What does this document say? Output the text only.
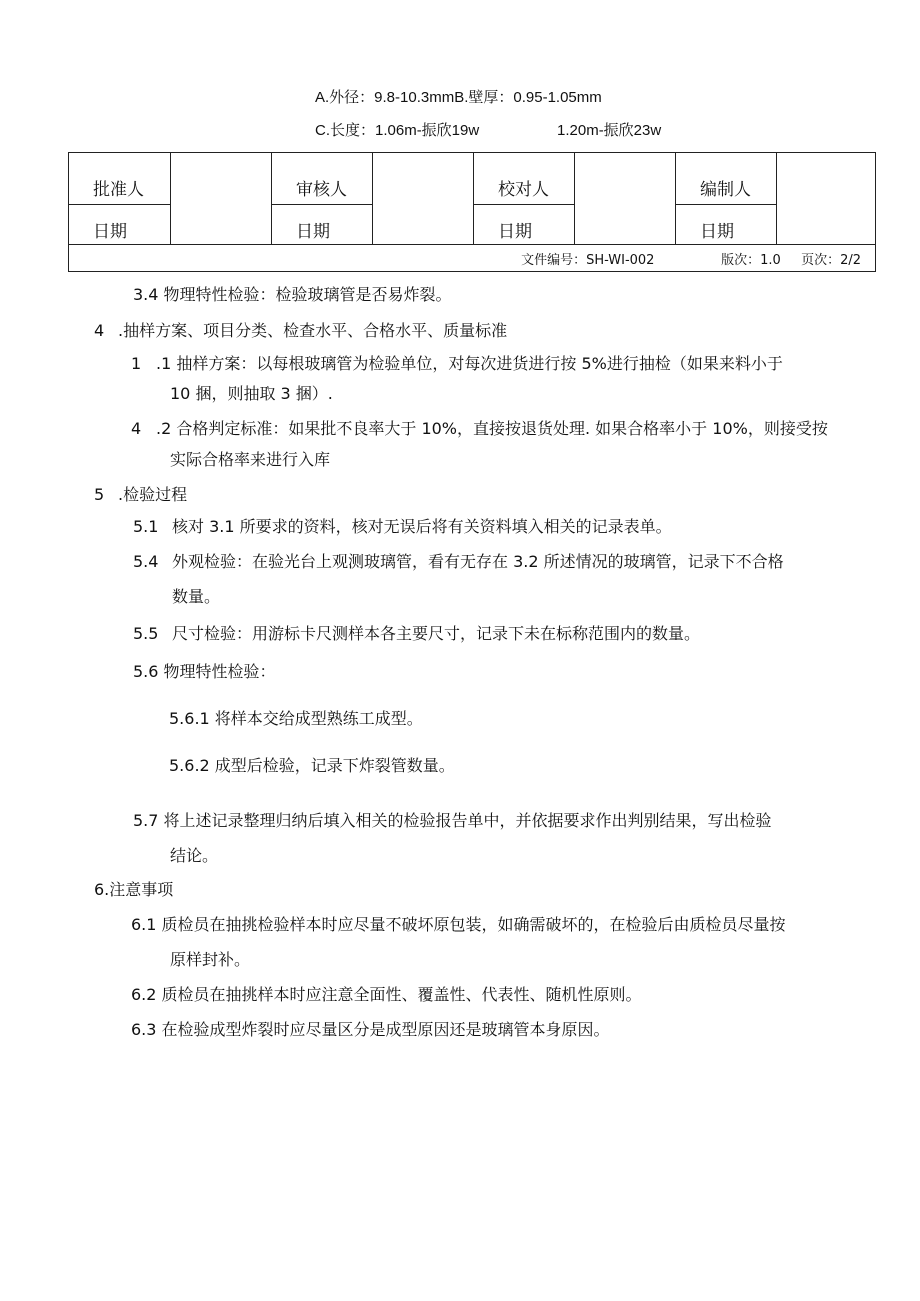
A.外径：9.8-10.3mmB.壁厚：0.95-1.05mm
C.长度：1.06m-振欣19w	1.20m-振欣23w
批准人		审核人		校对人		编制人	
日期		日期		日期		日期	

文件编号：SH-WI-002 版次：1.0 页次：2/2							
3.4 物理特性检验：检验玻璃管是否易炸裂。
4 .抽样方案、项目分类、检查水平、合格水平、质量标准
1 .1 抽样方案：以每根玻璃管为检验单位，对每次进货进行按 5%进行抽检（如果来料小于
10 捆，则抽取 3 捆）.
4 .2 合格判定标准：如果批不良率大于 10%，直接按退货处理. 如果合格率小于 10%，则接受按
实际合格率来进行入库
5 .检验过程
5.1 核对 3.1 所要求的资料，核对无误后将有关资料填入相关的记录表单。
5.4 外观检验：在验光台上观测玻璃管，看有无存在 3.2 所述情况的玻璃管，记录下不合格
数量。
5.5 尺寸检验：用游标卡尺测样本各主要尺寸，记录下未在标称范围内的数量。
5.6 物理特性检验：
5.6.1 将样本交给成型熟练工成型。
5.6.2 成型后检验，记录下炸裂管数量。
5.7 将上述记录整理归纳后填入相关的检验报告单中，并依据要求作出判别结果，写出检验
结论。
6.注意事项
6.1 质检员在抽挑检验样本时应尽量不破坏原包装，如确需破坏的，在检验后由质检员尽量按
原样封补。
6.2 质检员在抽挑样本时应注意全面性、覆盖性、代表性、随机性原则。
6.3 在检验成型炸裂时应尽量区分是成型原因还是玻璃管本身原因。
